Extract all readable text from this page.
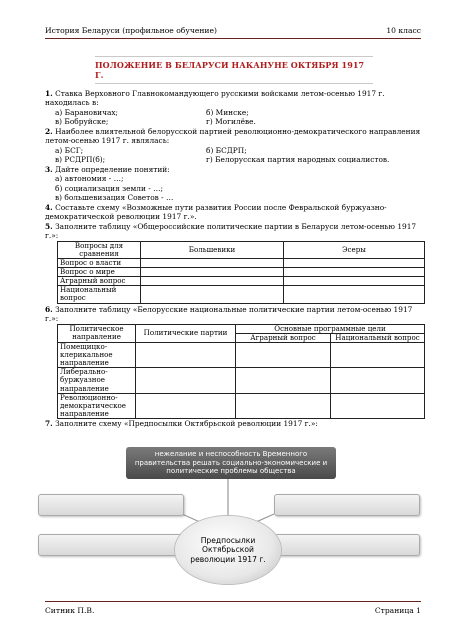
История Беларуси (профильное обучение)	10 класс
ПОЛОЖЕНИЕ В БЕЛАРУСИ НАКАНУНЕ ОКТЯБРЯ 1917 Г.
1. Ставка Верховного Главнокомандующего русскими войсками летом-осенью 1917 г. находилась в:
а) Барановичах;	б) Минске;
в) Бобруйске;	г) Могилёве.
2. Наиболее влиятельной белорусской партией революционно-демократического направления летом-осенью 1917 г. являлась:
а) БСГ;	б) БСДРП;
в) РСДРП(б);	г) Белорусская партия народных социалистов.
3. Дайте определение понятий:
а) автономия - …;
б) социализация земли - …;
в) большевизация Советов - …
4. Составьте схему «Возможные пути развития России после Февральской буржуазно-демократической революции 1917 г.».
5. Заполните таблицу «Общероссийские политические партии в Беларуси летом-осенью 1917 г.»:
Вопросы для сравнения	Большевики	Эсеры
Вопрос о власти		
Вопрос о мире		
Аграрный вопрос		
Национальный вопрос		
6. Заполните таблицу «Белорусские национальные политические партии летом-осенью 1917 г.»:
Политическое направление	Политические партии	Основные программные цели	
		Аграрный вопрос	Национальный вопрос
Помещицко-клерикальное направление			
Либерально-буржуазное направление			
Революционно-демократическое направление			
7. Заполните схему «Предпосылки Октябрьской революции 1917 г.»:
нежелание и неспособность Временного правительства решать социально-экономические и политические проблемы общества
Предпосылки Октябрьской революции 1917 г.
Ситник П.В.	Страница 1
